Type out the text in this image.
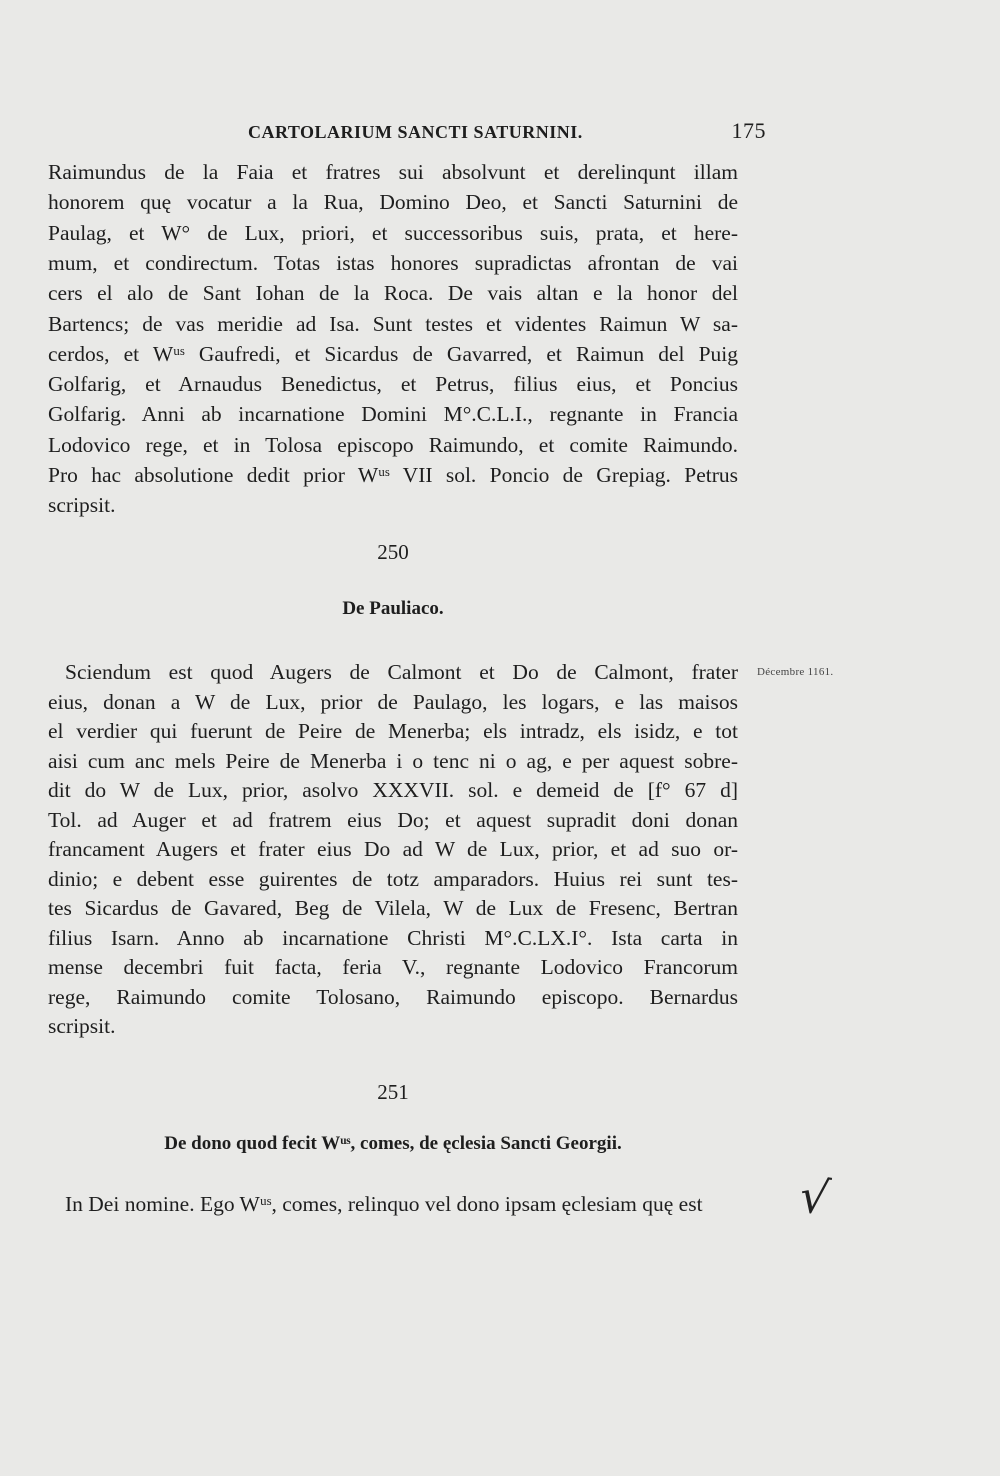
CARTOLARIUM SANCTI SATURNINI.	175
Raimundus de la Faia et fratres sui absolvunt et derelinqunt illam
honorem quę vocatur a la Rua, Domino Deo, et Sancti Saturnini de
Paulag, et W° de Lux, priori, et successoribus suis, prata, et here-
mum, et condirectum. Totas istas honores supradictas afrontan de vai
cers el alo de Sant Iohan de la Roca. De vais altan e la honor del
Bartencs; de vas meridie ad Isa. Sunt testes et videntes Raimun W sa-
cerdos, et Wᵘˢ Gaufredi, et Sicardus de Gavarred, et Raimun del Puig
Golfarig, et Arnaudus Benedictus, et Petrus, filius eius, et Poncius
Golfarig. Anni ab incarnatione Domini M°.C.L.I., regnante in Francia
Lodovico rege, et in Tolosa episcopo Raimundo, et comite Raimundo.
Pro hac absolutione dedit prior Wᵘˢ VII sol. Poncio de Grepiag. Petrus
scripsit.
250
De Pauliaco.
Décembre 1161.
Sciendum est quod Augers de Calmont et Do de Calmont, frater
eius, donan a W de Lux, prior de Paulago, les logars, e las maisos
el verdier qui fuerunt de Peire de Menerba; els intradz, els isidz, e tot
aisi cum anc mels Peire de Menerba i o tenc ni o ag, e per aquest sobre-
dit do W de Lux, prior, asolvo XXXVII. sol. e demeid de [f° 67 d]
Tol. ad Auger et ad fratrem eius Do; et aquest supradit doni donan
francament Augers et frater eius Do ad W de Lux, prior, et ad suo or-
dinio; e debent esse guirentes de totz amparadors. Huius rei sunt tes-
tes Sicardus de Gavared, Beg de Vilela, W de Lux de Fresenc, Bertran
filius Isarn. Anno ab incarnatione Christi M°.C.LX.I°. Ista carta in
mense decembri fuit facta, feria V., regnante Lodovico Francorum
rege, Raimundo comite Tolosano, Raimundo episcopo. Bernardus
scripsit.
251
De dono quod fecit Wᵘˢ, comes, de ęclesia Sancti Georgii.
In Dei nomine. Ego Wᵘˢ, comes, relinquo vel dono ipsam ęclesiam quę est	√
